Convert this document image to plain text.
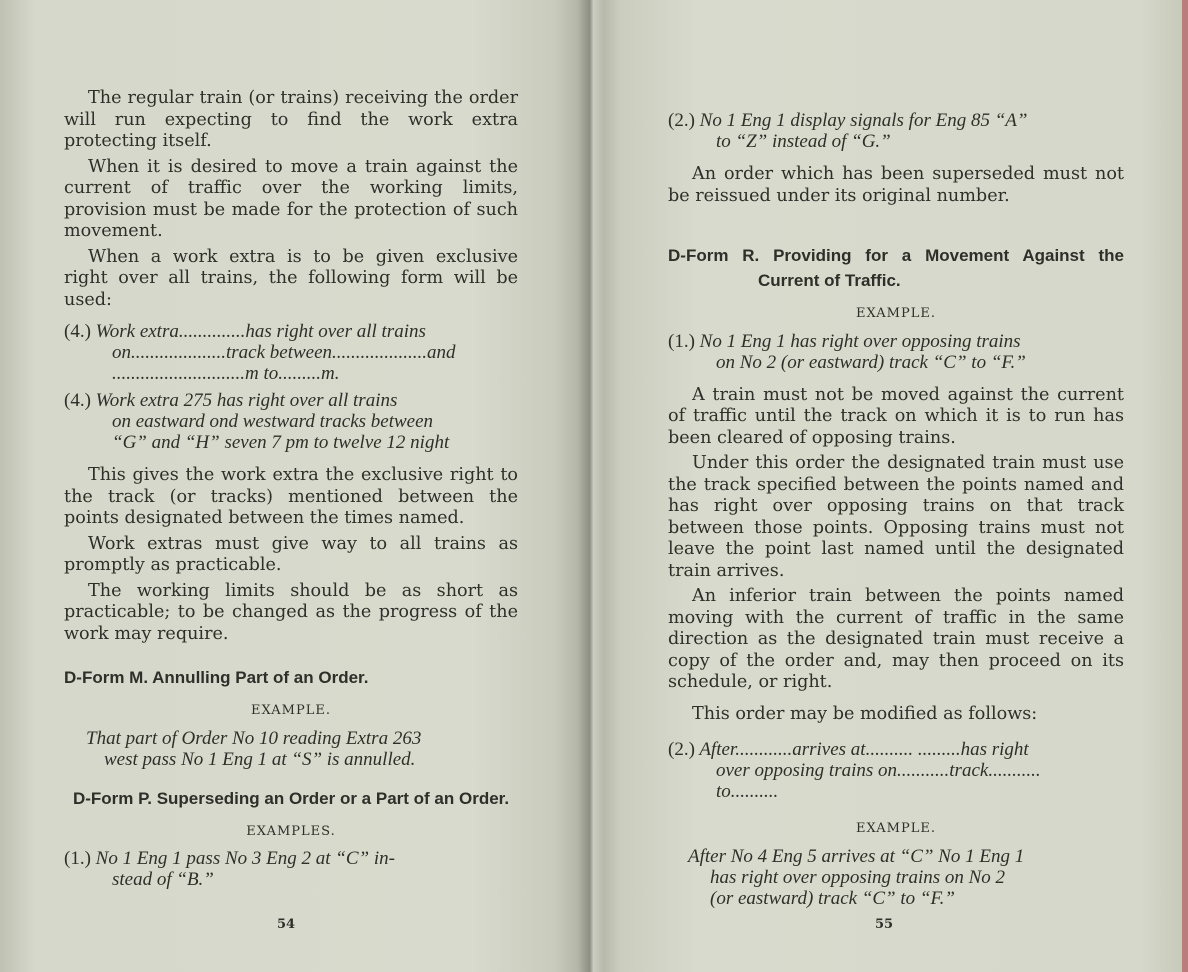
The regular train (or trains) receiving the order will run expecting to find the work extra protecting itself.

When it is desired to move a train against the current of traffic over the working limits, provision must be made for the protection of such movement.

When a work extra is to be given exclusive right over all trains, the following form will be used:

(4.) Work extra..............has right over all trains

on....................track between....................and

............................m to.........m.

(4.) Work extra 275 has right over all trains

on eastward ond westward tracks between

“G” and “H” seven 7 pm to twelve 12 night

This gives the work extra the exclusive right to the track (or tracks) mentioned between the points designated between the times named.

Work extras must give way to all trains as promptly as practicable.

The working limits should be as short as practicable; to be changed as the progress of the work may require.

D-Form M. Annulling Part of an Order.

EXAMPLE.

That part of Order No 10 reading Extra 263

west pass No 1 Eng 1 at “S” is annulled.

D-Form P. Superseding an Order or a Part of an Order.

EXAMPLES.

(1.) No 1 Eng 1 pass No 3 Eng 2 at “C” in-

stead of “B.”

54

(2.) No 1 Eng 1 display signals for Eng 85 “A”

to “Z” instead of “G.”

An order which has been superseded must not be reissued under its original number.

D-Form R. Providing for a Movement Against the Current of Traffic.

EXAMPLE.

(1.) No 1 Eng 1 has right over opposing trains

on No 2 (or eastward) track “C” to “F.”

A train must not be moved against the current of traffic until the track on which it is to run has been cleared of opposing trains.

Under this order the designated train must use the track specified between the points named and has right over opposing trains on that track between those points. Opposing trains must not leave the point last named until the designated train arrives.

An inferior train between the points named moving with the current of traffic in the same direction as the designated train must receive a copy of the order and, may then proceed on its schedule, or right.

This order may be modified as follows:

(2.) After............arrives at.......... .........has right

over opposing trains on...........track...........

to..........

EXAMPLE.

After No 4 Eng 5 arrives at “C” No 1 Eng 1

has right over opposing trains on No 2

(or eastward) track “C” to “F.”

55
